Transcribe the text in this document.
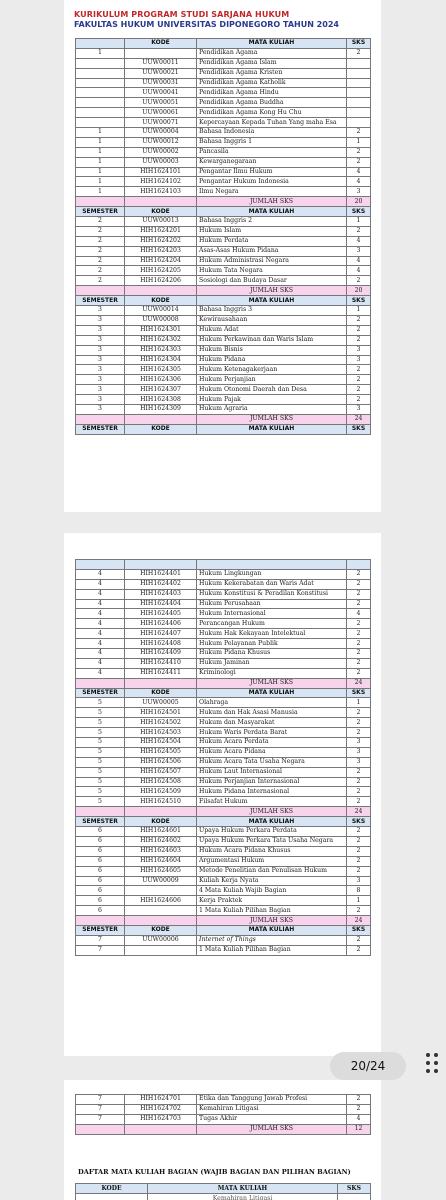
KURIKULUM PROGRAM STUDI SARJANA HUKUM
FAKULTAS HUKUM UNIVERSITAS DIPONEGORO TAHUN 2024
	KODE	MATA KULIAH	SKS
1		Pendidikan Agama	2
	UUW00011	Pendidikan Agama Islam	
	UUW00021	Pendidikan Agama Kristen	
	UUW00031	Pendidikan Agama Katholik	
	UUW00041	Pendidikan Agama Hindu	
	UUW00051	Pendidikan Agama Buddha	
	UUW00061	Pendidikan Agama Kong Hu Chu	
	UUW00071	Kepercayaan Kepada Tuhan Yang maha Esa	
1	UUW00004	Bahasa Indonesia	2
1	UUW00012	Bahasa Inggris 1	1
1	UUW00002	Pancasila	2
1	UUW00003	Kewarganegaraan	2
1	HIH1624101	Pengantar Ilmu Hukum	4
1	HIH1624102	Pengantar Hukum Indonesia	4
1	HIH1624103	Ilmu Negara	3
		JUMLAH SKS	20
SEMESTER	KODE	MATA KULIAH	SKS
2	UUW00013	Bahasa Inggris 2	1
2	HIH1624201	Hukum Islam	2
2	HIH1624202	Hukum Perdata	4
2	HIH1624203	Asas-Asas Hukum Pidana	3
2	HIH1624204	Hukum Administrasi Negara	4
2	HIH1624205	Hukum Tata Negara	4
2	HIH1624206	Sosiologi dan Budaya Dasar	2
		JUMLAH SKS	20
SEMESTER	KODE	MATA KULIAH	SKS
3	UUW00014	Bahasa Inggris 3	1
3	UUW00008	Kewirausahaan	2
3	HIH1624301	Hukum Adat	2
3	HIH1624302	Hukum Perkawinan dan Waris Islam	2
3	HIH1624303	Hukum Bisnis	3
3	HIH1624304	Hukum Pidana	3
3	HIH1624305	Hukum Ketenagakerjaan	2
3	HIH1624306	Hukum Perjanjian	2
3	HIH1624307	Hukum Otonomi Daerah dan Desa	2
3	HIH1624308	Hukum Pajak	2
3	HIH1624309	Hukum Agraria	3
		JUMLAH SKS	24
SEMESTER	KODE	MATA KULIAH	SKS

4	HIH1624401	Hukum Lingkungan	2
4	HIH1624402	Hukum Kekerabatan dan Waris Adat	2
4	HIH1624403	Hukum Konstitusi & Peradilan Konstitusi	2
4	HIH1624404	Hukum Perusahaan	2
4	HIH1624405	Hukum Internasional	4
4	HIH1624406	Perancangan Hukum	2
4	HIH1624407	Hukum Hak Kekayaan Intelektual	2
4	HIH1624408	Hukum Pelayanan Publik	2
4	HIH1624409	Hukum Pidana Khusus	2
4	HIH1624410	Hukum Jaminan	2
4	HIH1624411	Kriminologi	2
		JUMLAH SKS	24
SEMESTER	KODE	MATA KULIAH	SKS
5	UUW00005	Olahraga	1
5	HIH1624501	Hukum dan Hak Asasi Manusia	2
5	HIH1624502	Hukum dan Masyarakat	2
5	HIH1624503	Hukum Waris Perdata Barat	2
5	HIH1624504	Hukum Acara Perdata	3
5	HIH1624505	Hukum Acara Pidana	3
5	HIH1624506	Hukum Acara Tata Usaha Negara	3
5	HIH1624507	Hukum Laut Internasional	2
5	HIH1624508	Hukum Perjanjian Internasional	2
5	HIH1624509	Hukum Pidana Internasional	2
5	HIH1624510	Filsafat Hukum	2
		JUMLAH SKS	24
SEMESTER	KODE	MATA KULIAH	SKS
6	HIH1624601	Upaya Hukum Perkara Perdata	2
6	HIH1624602	Upaya Hukum Perkara Tata Usaha Negara	2
6	HIH1624603	Hukum Acara Pidana Khusus	2
6	HIH1624604	Argumentasi Hukum	2
6	HIH1624605	Metode Penelitian dan Penulisan Hukum	2
6	UUW00009	Kuliah Kerja Nyata	3
6		4 Mata Kuliah Wajib Bagian	8
6	HIH1624606	Kerja Praktek	1
6		1 Mata Kuliah Pilihan Bagian	2
		JUMLAH SKS	24
SEMESTER	KODE	MATA KULIAH	SKS
7	UUW00006	Internet of Things	2
7		1 Mata Kuliah Pilihan Bagian	2
20/24
7	HIH1624701	Etika dan Tanggung Jawab Profesi	2
7	HIH1624702	Kemahiran Litigasi	2
7	HIH1624703	Tugas Akhir	4
		JUMLAH SKS	12
DAFTAR MATA KULIAH BAGIAN (WAJIB BAGIAN DAN PILIHAN BAGIAN)
KODE	MATA KULIAH	SKS
	Kemahiran Litigasi	
